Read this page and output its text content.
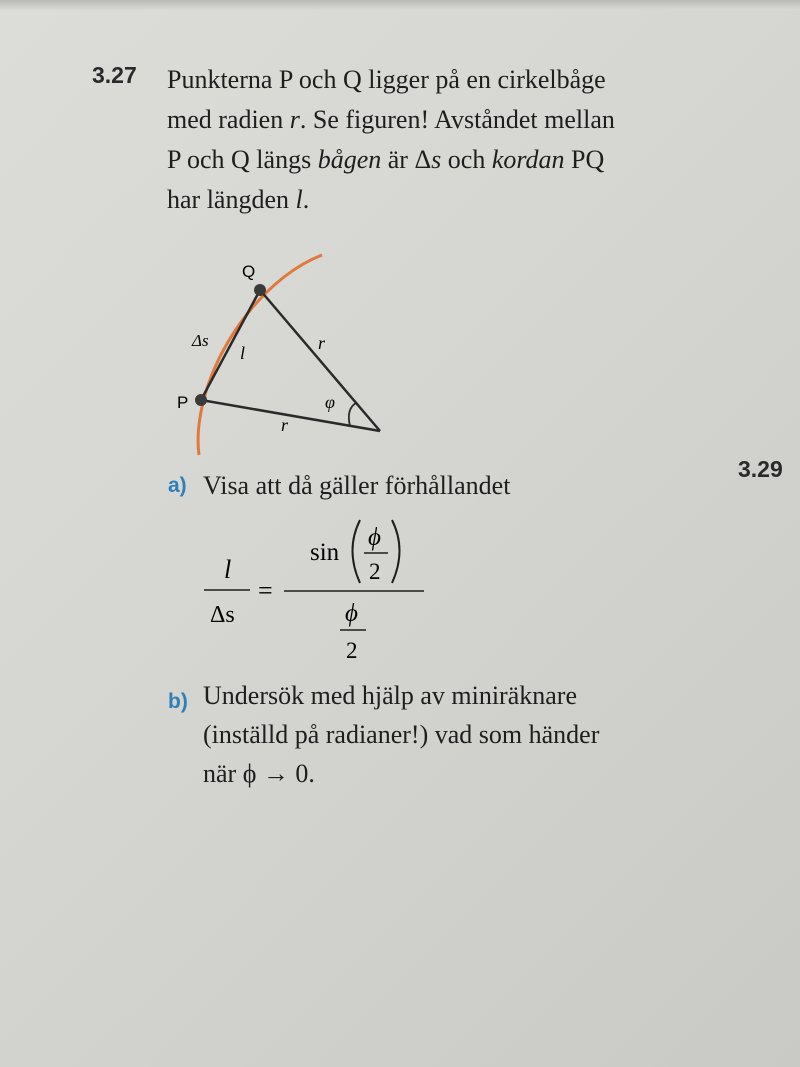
3.27 Punkterna P och Q ligger på en cirkelbåge

med radien r. Se figuren! Avståndet mellan

P och Q längs bågen är Δs och kordan PQ

har längden l.

3.29
Q
P
Δs
l	r
r
φ
a) Visa att då gäller förhållandet

l
Δs
=
sin
ϕ
2
ϕ
2
b) Undersök med hjälp av miniräknare

(inställd på radianer!) vad som händer

när ϕ → 0.
